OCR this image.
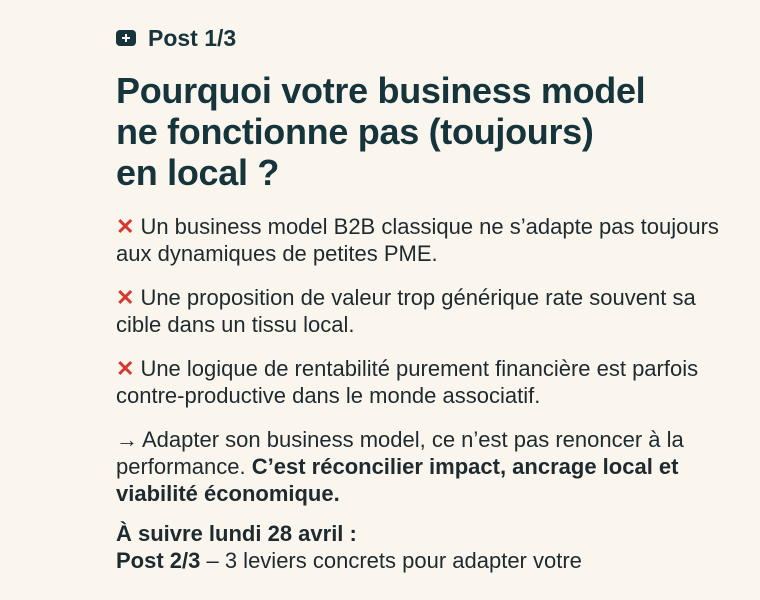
Post 1/3
Pourquoi votre business model
ne fonctionne pas (toujours)
en local ?

✕ Un business model B2B classique ne s’adapte pas toujours aux dynamiques de petites PME.

✕ Une proposition de valeur trop générique rate souvent sa cible dans un tissu local.

✕ Une logique de rentabilité purement financière est parfois contre-productive dans le monde associatif.

→ Adapter son business model, ce n’est pas renoncer à la performance. C’est réconcilier impact, ancrage local et viabilité économique.

À suivre lundi 28 avril :
Post 2/3 – 3 leviers concrets pour adapter votre
